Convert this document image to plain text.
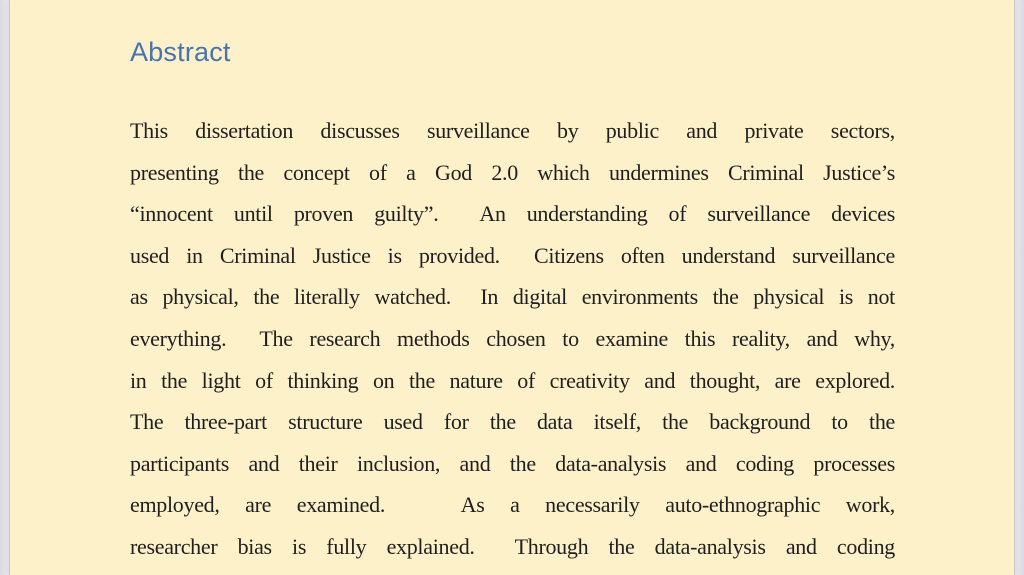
Abstract
This dissertation discusses surveillance by public and private sectors,
presenting the concept of a God 2.0 which undermines Criminal Justice’s
“innocent until proven guilty”.  An understanding of surveillance devices
used in Criminal Justice is provided.  Citizens often understand surveillance
as physical, the literally watched.  In digital environments the physical is not
everything.  The research methods chosen to examine this reality, and why,
in the light of thinking on the nature of creativity and thought, are explored.
The three-part structure used for the data itself, the background to the
participants and their inclusion, and the data-analysis and coding processes
employed, are examined.   As a necessarily auto-ethnographic work,
researcher bias is fully explained.  Through the data-analysis and coding
